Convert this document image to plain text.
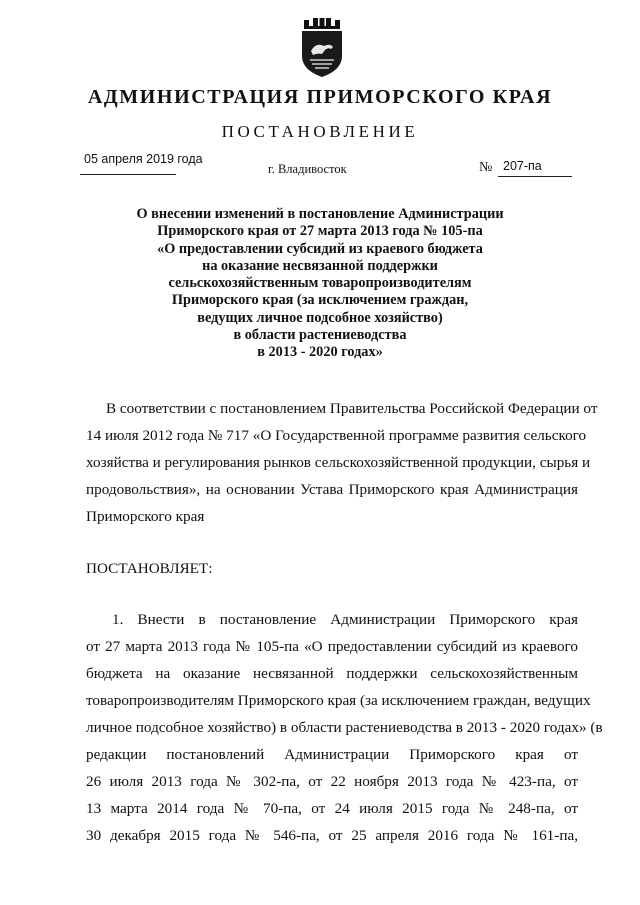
АДМИНИСТРАЦИЯ ПРИМОРСКОГО КРАЯ
ПОСТАНОВЛЕНИЕ
05 апреля 2019 года
г. Владивосток	№ 207-па
О внесении изменений в постановление Администрации
Приморского края от 27 марта 2013 года № 105-па
«О предоставлении субсидий из краевого бюджета
на оказание несвязанной поддержки
сельскохозяйственным товаропроизводителям
Приморского края (за исключением граждан,
ведущих личное подсобное хозяйство)
в области растениеводства
в 2013 - 2020 годах»
В соответствии с постановлением Правительства Российской Федерации от
14 июля 2012 года № 717 «О Государственной программе развития сельского
хозяйства и регулирования рынков сельскохозяйственной продукции, сырья и
продовольствия», на основании Устава Приморского края Администрация
Приморского края
ПОСТАНОВЛЯЕТ:
1. Внести в постановление Администрации Приморского края
от 27 марта 2013 года № 105-па «О предоставлении субсидий из краевого
бюджета на оказание несвязанной поддержки сельскохозяйственным
товаропроизводителям Приморского края (за исключением граждан, ведущих
личное подсобное хозяйство) в области растениеводства в 2013 - 2020 годах» (в
редакции постановлений Администрации Приморского края от
26 июля 2013 года № 302-па, от 22 ноября 2013 года № 423-па, от
13 марта 2014 года № 70-па, от 24 июля 2015 года № 248-па, от
30 декабря 2015 года № 546-па, от 25 апреля 2016 года № 161-па,
